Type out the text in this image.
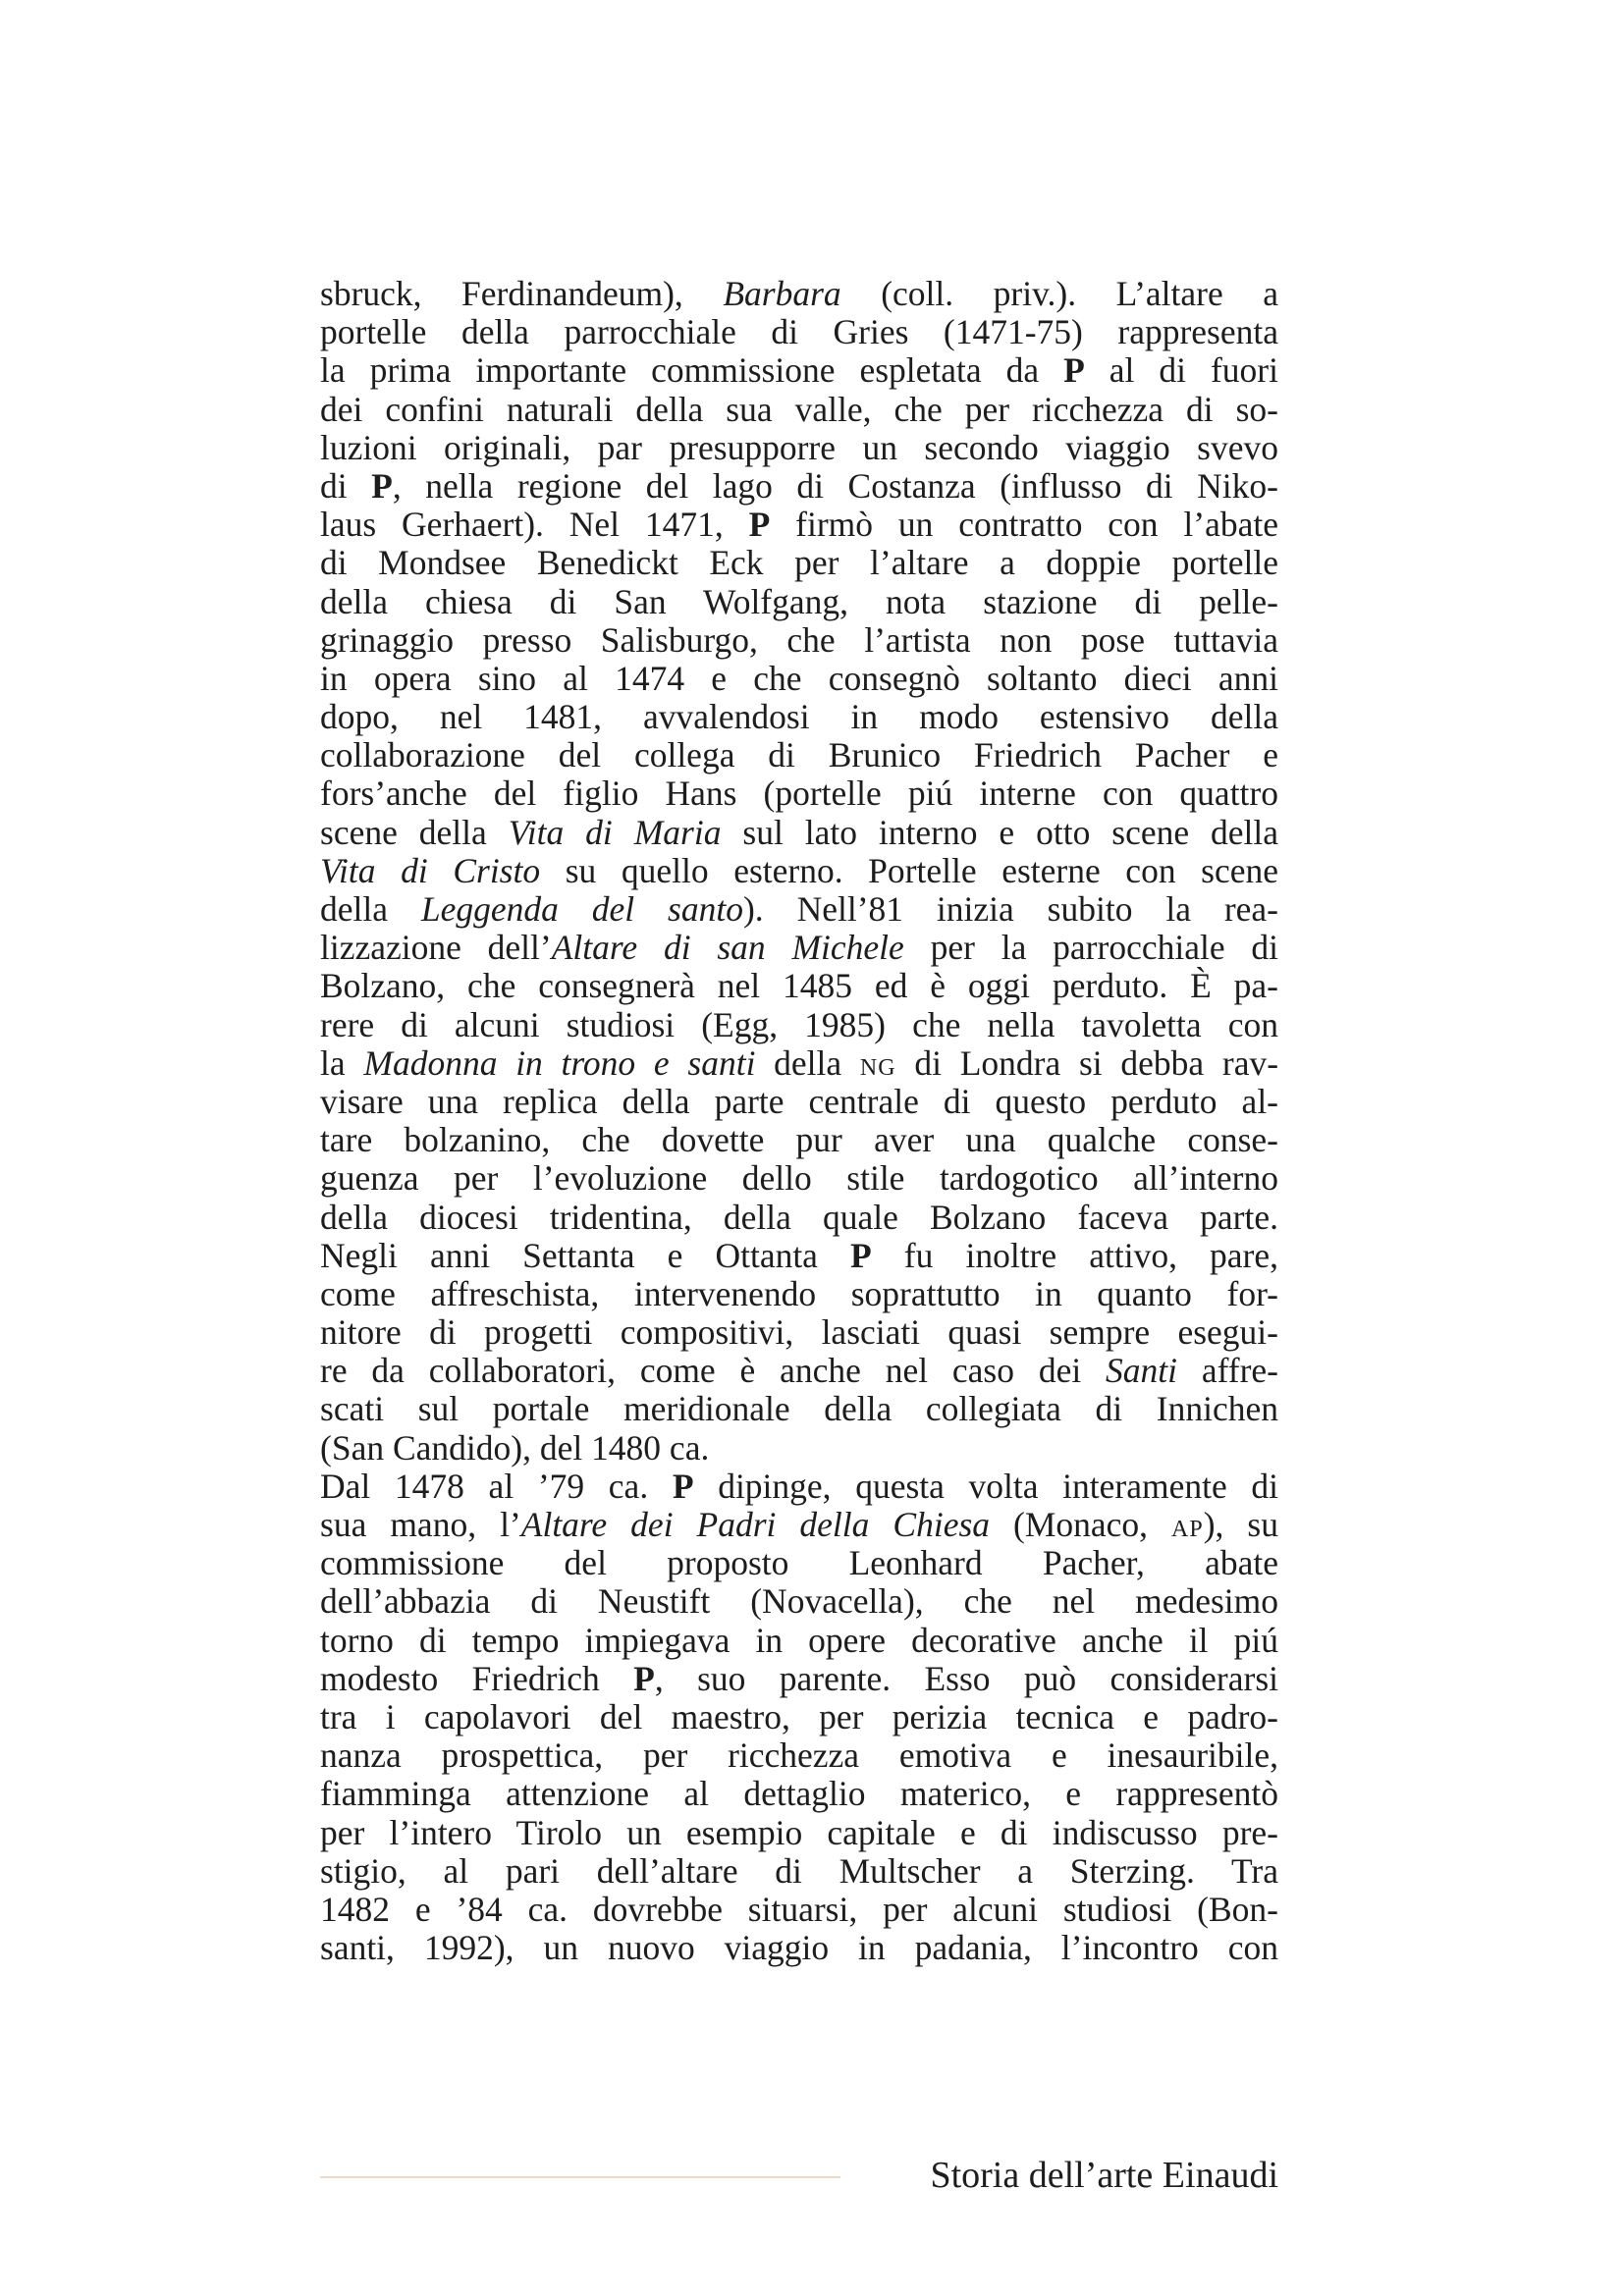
sbruck, Ferdinandeum), Barbara (coll. priv.). L’altare a
portelle della parrocchiale di Gries (1471-75) rappresenta
la prima importante commissione espletata da P al di fuori
dei confini naturali della sua valle, che per ricchezza di so-
luzioni originali, par presupporre un secondo viaggio svevo
di P, nella regione del lago di Costanza (influsso di Niko-
laus Gerhaert). Nel 1471, P firmò un contratto con l’abate
di Mondsee Benedickt Eck per l’altare a doppie portelle
della chiesa di San Wolfgang, nota stazione di pelle-
grinaggio presso Salisburgo, che l’artista non pose tuttavia
in opera sino al 1474 e che consegnò soltanto dieci anni
dopo, nel 1481, avvalendosi in modo estensivo della
collaborazione del collega di Brunico Friedrich Pacher e
fors’anche del figlio Hans (portelle piú interne con quattro
scene della Vita di Maria sul lato interno e otto scene della
Vita di Cristo su quello esterno. Portelle esterne con scene
della Leggenda del santo). Nell’81 inizia subito la rea-
lizzazione dell’Altare di san Michele per la parrocchiale di
Bolzano, che consegnerà nel 1485 ed è oggi perduto. È pa-
rere di alcuni studiosi (Egg, 1985) che nella tavoletta con
la Madonna in trono e santi della NG di Londra si debba rav-
visare una replica della parte centrale di questo perduto al-
tare bolzanino, che dovette pur aver una qualche conse-
guenza per l’evoluzione dello stile tardogotico all’interno
della diocesi tridentina, della quale Bolzano faceva parte.
Negli anni Settanta e Ottanta P fu inoltre attivo, pare,
come affreschista, intervenendo soprattutto in quanto for-
nitore di progetti compositivi, lasciati quasi sempre esegui-
re da collaboratori, come è anche nel caso dei Santi affre-
scati sul portale meridionale della collegiata di Innichen
(San Candido), del 1480 ca.
Dal 1478 al ’79 ca. P dipinge, questa volta interamente di
sua mano, l’Altare dei Padri della Chiesa (Monaco, AP), su
commissione del proposto Leonhard Pacher, abate
dell’abbazia di Neustift (Novacella), che nel medesimo
torno di tempo impiegava in opere decorative anche il piú
modesto Friedrich P, suo parente. Esso può considerarsi
tra i capolavori del maestro, per perizia tecnica e padro-
nanza prospettica, per ricchezza emotiva e inesauribile,
fiamminga attenzione al dettaglio materico, e rappresentò
per l’intero Tirolo un esempio capitale e di indiscusso pre-
stigio, al pari dell’altare di Multscher a Sterzing. Tra
1482 e ’84 ca. dovrebbe situarsi, per alcuni studiosi (Bon-
santi, 1992), un nuovo viaggio in padania, l’incontro con
Storia dell’arte Einaudi
